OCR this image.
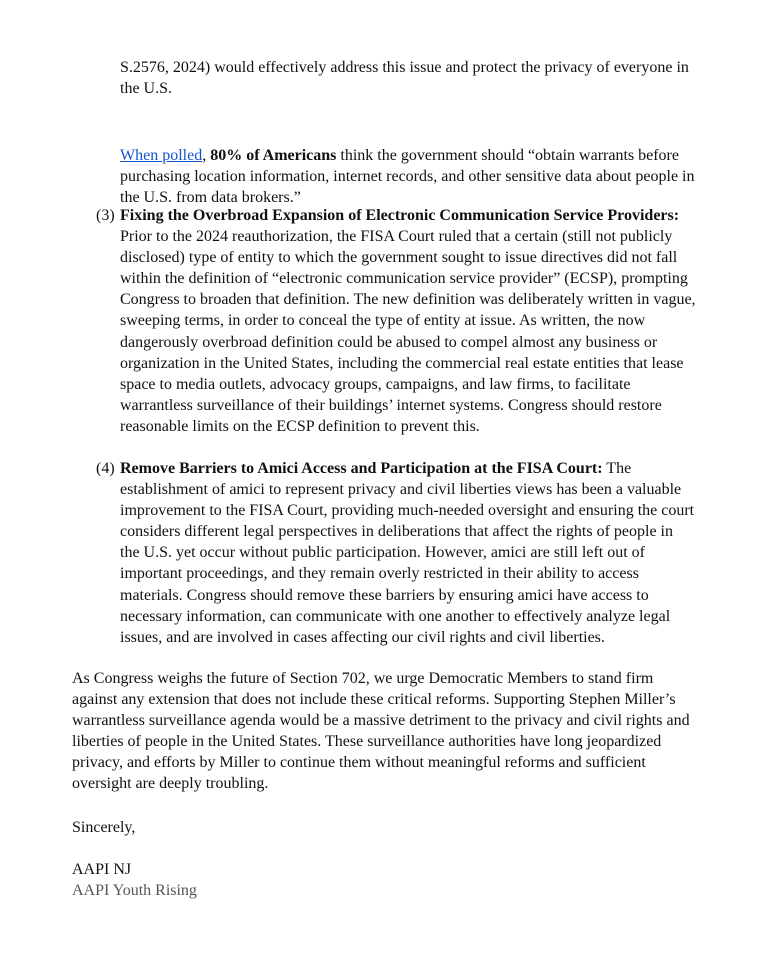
S.2576, 2024) would effectively address this issue and protect the privacy of everyone in
the U.S.
When polled, 80% of Americans think the government should “obtain warrants before
purchasing location information, internet records, and other sensitive data about people in
the U.S. from data brokers.”
(3) Fixing the Overbroad Expansion of Electronic Communication Service Providers:
Prior to the 2024 reauthorization, the FISA Court ruled that a certain (still not publicly
disclosed) type of entity to which the government sought to issue directives did not fall
within the definition of “electronic communication service provider” (ECSP), prompting
Congress to broaden that definition. The new definition was deliberately written in vague,
sweeping terms, in order to conceal the type of entity at issue. As written, the now
dangerously overbroad definition could be abused to compel almost any business or
organization in the United States, including the commercial real estate entities that lease
space to media outlets, advocacy groups, campaigns, and law firms, to facilitate
warrantless surveillance of their buildings’ internet systems. Congress should restore
reasonable limits on the ECSP definition to prevent this.
(4) Remove Barriers to Amici Access and Participation at the FISA Court: The
establishment of amici to represent privacy and civil liberties views has been a valuable
improvement to the FISA Court, providing much-needed oversight and ensuring the court
considers different legal perspectives in deliberations that affect the rights of people in
the U.S. yet occur without public participation. However, amici are still left out of
important proceedings, and they remain overly restricted in their ability to access
materials. Congress should remove these barriers by ensuring amici have access to
necessary information, can communicate with one another to effectively analyze legal
issues, and are involved in cases affecting our civil rights and civil liberties.
As Congress weighs the future of Section 702, we urge Democratic Members to stand firm
against any extension that does not include these critical reforms. Supporting Stephen Miller’s
warrantless surveillance agenda would be a massive detriment to the privacy and civil rights and
liberties of people in the United States. These surveillance authorities have long jeopardized
privacy, and efforts by Miller to continue them without meaningful reforms and sufficient
oversight are deeply troubling.
Sincerely,
AAPI NJ
AAPI Youth Rising
